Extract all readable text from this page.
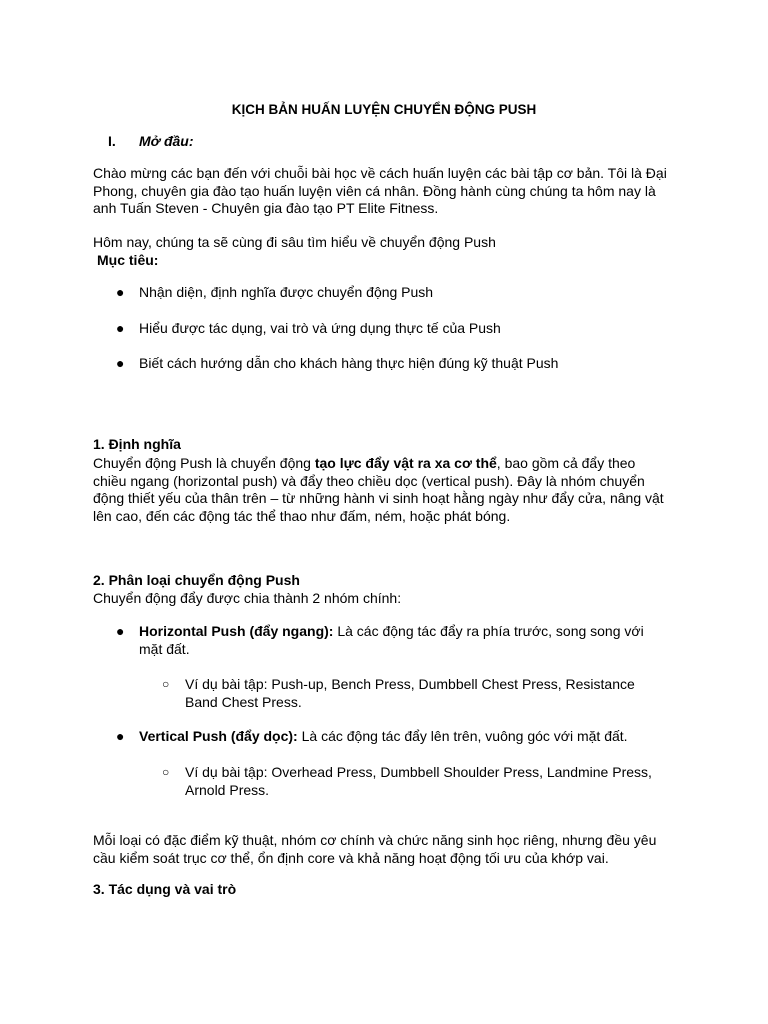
KỊCH BẢN HUẤN LUYỆN CHUYỂN ĐỘNG PUSH
I. Mở đầu:
Chào mừng các bạn đến với chuỗi bài học về cách huấn luyện các bài tập cơ bản. Tôi là Đại
Phong, chuyên gia đào tạo huấn luyện viên cá nhân. Đồng hành cùng chúng ta hôm nay là
anh Tuấn Steven - Chuyên gia đào tạo PT Elite Fitness.
Hôm nay, chúng ta sẽ cùng đi sâu tìm hiểu về chuyển động Push
Mục tiêu:
● Nhận diện, định nghĩa được chuyển động Push
● Hiểu được tác dụng, vai trò và ứng dụng thực tế của Push
● Biết cách hướng dẫn cho khách hàng thực hiện đúng kỹ thuật Push
1. Định nghĩa
Chuyển động Push là chuyển động tạo lực đẩy vật ra xa cơ thể, bao gồm cả đẩy theo
chiều ngang (horizontal push) và đẩy theo chiều dọc (vertical push). Đây là nhóm chuyển
động thiết yếu của thân trên – từ những hành vi sinh hoạt hằng ngày như đẩy cửa, nâng vật
lên cao, đến các động tác thể thao như đấm, ném, hoặc phát bóng.
2. Phân loại chuyển động Push
Chuyển động đẩy được chia thành 2 nhóm chính:
● Horizontal Push (đẩy ngang): Là các động tác đẩy ra phía trước, song song với
mặt đất.
○ Ví dụ bài tập: Push-up, Bench Press, Dumbbell Chest Press, Resistance
Band Chest Press.
● Vertical Push (đẩy dọc): Là các động tác đẩy lên trên, vuông góc với mặt đất.
○ Ví dụ bài tập: Overhead Press, Dumbbell Shoulder Press, Landmine Press,
Arnold Press.
Mỗi loại có đặc điểm kỹ thuật, nhóm cơ chính và chức năng sinh học riêng, nhưng đều yêu
cầu kiểm soát trục cơ thể, ổn định core và khả năng hoạt động tối ưu của khớp vai.
3. Tác dụng và vai trò
